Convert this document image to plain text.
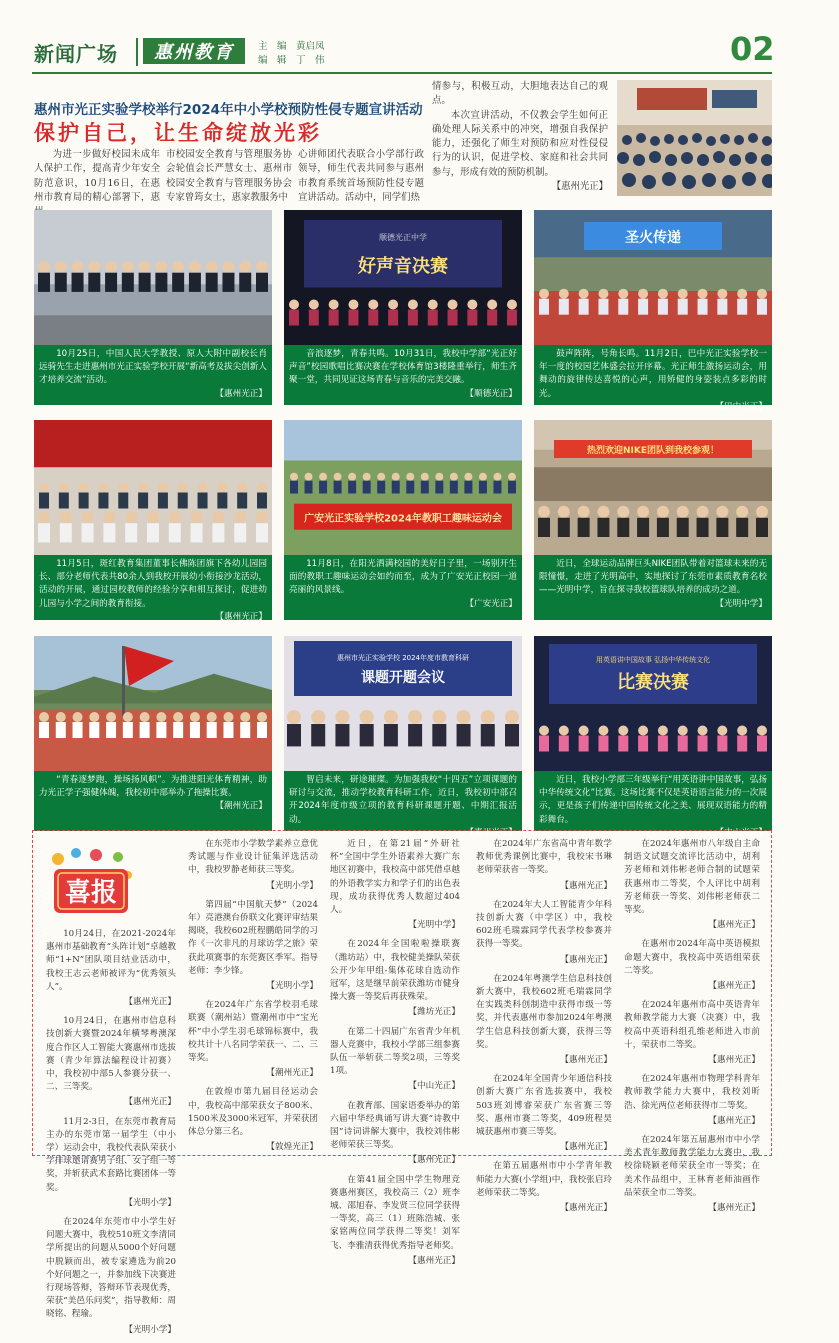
新闻广场	惠州教育	主　编　黄启凤
编　辑　丁　伟	02
惠州市光正实验学校举行2024年中小学校预防性侵专题宣讲活动
保护自己，让生命绽放光彩

为进一步做好校园未成年人保护工作，提高青少年安全防范意识，10月16日，在惠州市教育局的精心部署下，惠

市校园安全教育与管理服务协会轮值会长严慧女士、惠州市校园安全教育与管理服务协会专家曾筠女士，惠家教服务中

心讲师团代表联合小学部行政领导，师生代表共同参与惠州市教育系统首场预防性侵专题宣讲活动。活动中，同学们热

情参与，积极互动，大胆地表达自己的观点。

本次宣讲活动，不仅教会学生如何正确处理人际关系中的冲突，增强自我保护能力，还强化了师生对预防和应对性侵侵行为的认识，促进学校、家庭和社会共同参与，形成有效的预防机制。

【惠州光正】

10月25日，中国人民大学教授、原人大附中副校长肖远骑先生走进惠州市光正实验学校开展“新高考及拔尖创新人才培养交流”活动。

【惠州光正】
顺德光正中学
好声音决赛

音浪逐梦，青春共鸣。10月31日，我校中学部“光正好声音”校园歌唱比赛决赛在学校体育馆3楼隆重举行，师生齐聚一堂，共同见证这场青春与音乐的完美交融。

【顺德光正】
圣火传递

鼓声阵阵，号角长鸣。11月2日，巴中光正实验学校一年一度的校园艺体盛会拉开序幕。光正师生激扬运动会，用舞动的旋律传达喜悦的心声，用矫健的身姿装点多彩的时光。

【巴中光正】

11月5日，斑红教育集团董事长佛陈团旗下各幼儿园园长、部分老师代表共80余人到我校开展幼小衔接沙龙活动，活动的开展，通过园校教师的经验分享和相互探讨，促进幼儿园与小学之间的教育衔接。

【惠州光正】
广安光正实验学校2024年教职工趣味运动会

11月8日，在阳光洒满校园的美好日子里，一场别开生面的教职工趣味运动会如约而至，成为了广安光正校园一道亮丽的风景线。

【广安光正】
热烈欢迎NIKE团队到我校参观！

近日，全球运动品牌巨头NIKE团队带着对篮球未来的无限憧憬，走进了光明高中，实地探讨了东莞市素质教育名校——光明中学，旨在探寻我校篮球队培养的成功之道。

【光明中学】

“青春逐梦跑，操场扬风帜”。为推进阳光体育精神，助力光正学子强健体魄，我校初中部举办了拖操比赛。

【潮州光正】
惠州市光正实验学校 2024年度市教育科研
课题开题会议

智启未来，研途璀璨。为加强我校“十四五”立项课题的研讨与交流，推动学校教育科研工作，近日，我校初中部召开2024年度市级立项的教育科研课题开题、中期汇报活动。

【惠州光正】
用英语讲中国故事 弘扬中华传统文化
比赛决赛

近日，我校小学部三年级举行“用英语讲中国故事，弘扬中华传统文化”比赛。这场比赛不仅是英语语言能力的一次展示，更是孩子们传递中国传统文化之美、展现双语能力的精彩舞台。

【中山光正】
喜报

10月24日，在2021-2024年惠州市基础教育“头阵计划”卓越教师“1+N”团队项目结业活动中，我校王志云老师被评为“优秀领头人”。

【惠州光正】

10月24日，在惠州市信息科技创新大赛暨2024年横琴粤澳深度合作区人工智能大赛惠州市选拔赛（青少年算法编程设计初赛）中，我校初中部5人参赛分获一、二、三等奖。

【惠州光正】

11月2-3日，在东莞市教育局主办的东莞市第一届学生（中小学）运动会中，我校代表队荣获小学排球邀请赛男子组、女子组一等奖，并斩获武术套路比赛团体一等奖。

【光明小学】

在2024年东莞市中小学生好问题大赛中，我校510班文李清同学所提出的问题从5000个好问题中脱颖而出，被专家遴选为前20个好问题之一，并参加线下决赛进行现场答辩，答辩环节表现优秀，荣获“美邑乐问奖”，指导教师：周晓铭、程瑜。

【光明小学】

在东莞市小学数学素养立意优秀试题与作业设计征集评选活动中，我校罗静老师获三等奖。

【光明小学】

第四届“中国航天梦”（2024年）亮港澳台侨联文化赛评审结果揭晓，我校602班程鹏皓同学的习作《一次非凡的月球访学之旅》荣获此项赛事的东莞赛区季军。指导老师：李少锋。

【光明小学】

在2024年广东省学校羽毛球联赛（潮州站）暨潮州市中“宝光杯”中小学生羽毛球锦标赛中，我校共计十八名同学荣获一、二、三等奖。

【潮州光正】

在敦煌市第九届目径运动会中，我校高中部荣获女子800米、1500米及3000米冠军，并荣获团体总分第三名。

【敦煌光正】

近日，在第21届“外研社杯”全国中学生外语素养大赛广东地区初赛中，我校高中部凭借卓越的外语教学实力和学子们的出色表现，成功获得优秀人数超过404人。

【光明中学】

在2024年全国啦啦操联赛（潍坊站）中，我校健美操队荣获公开少年甲组-集体花球自选动作冠军，这是继早前荣获潍坊市健身操大赛一等奖后再获殊荣。

【潍坊光正】

在第二十四届广东省青少年机器人竞赛中，我校小学部三组参赛队伍一举斩获二等奖2项，三等奖1项。

【中山光正】

在教育部、国家语委举办的第六届中华经典诵写讲大赛“诗教中国”诗词讲解大赛中，我校刘伟彬老师荣获三等奖。

【惠州光正】

在第41届全国中学生物理竞赛惠州赛区，我校高三（2）班李城、邵旭春、李发贤三位同学获得一等奖，高三（1）班陈浩城、张家铭两位同学获得二等奖！刘军飞、李雅清获得优秀指导老师奖。

【惠州光正】

在2024年广东省高中青年数学教师优秀课例比赛中，我校宋书琳老师荣获省一等奖。

【惠州光正】

在2024年大人工智能青少年科技创新大赛（中学区）中，我校602班毛瑞霖同学代表学校参赛并获得一等奖。

【惠州光正】

在2024年粤澳学生信息科技创新大赛中，我校602班毛瑞霖同学在实践类科创制造中获得市级一等奖，并代表惠州市参加2024年粤澳学生信息科技创新大赛，获得三等奖。

【惠州光正】

在2024年全国青少年通信科技创新大赛广东省选拔赛中，我校503班刘博睿荣获广东省赛三等奖、惠州市赛二等奖，409班程昊城获惠州市赛三等奖。

【惠州光正】

在第五届惠州市中小学青年教师能力大赛(小学组)中，我校张启玲老师荣获二等奖。

【惠州光正】

在2024年惠州市八年级自主命制语文试题交流评比活动中，胡利芳老师和刘伟彬老师合制的试题荣获惠州市二等奖，个人评比中胡利芳老师获一等奖、刘伟彬老师获二等奖。

【惠州光正】

在惠州市2024年高中英语模拟命题大赛中，我校高中英语组荣获二等奖。

【惠州光正】

在2024年惠州市高中英语青年教师教学能力大赛（决赛）中，我校高中英语科组孔维老师进入市前十，荣获市二等奖。

【惠州光正】

在2024年惠州市物理学科青年教师教学能力大赛中，我校刘昕浩、徐光两位老师获得市二等奖。

【惠州光正】

在2024年第五届惠州市中小学美术青年教师教学能力大赛中，我校徐晓颖老师荣获全市一等奖；在美术作品组中，王林育老师油画作品荣获全市二等奖。

【惠州光正】
